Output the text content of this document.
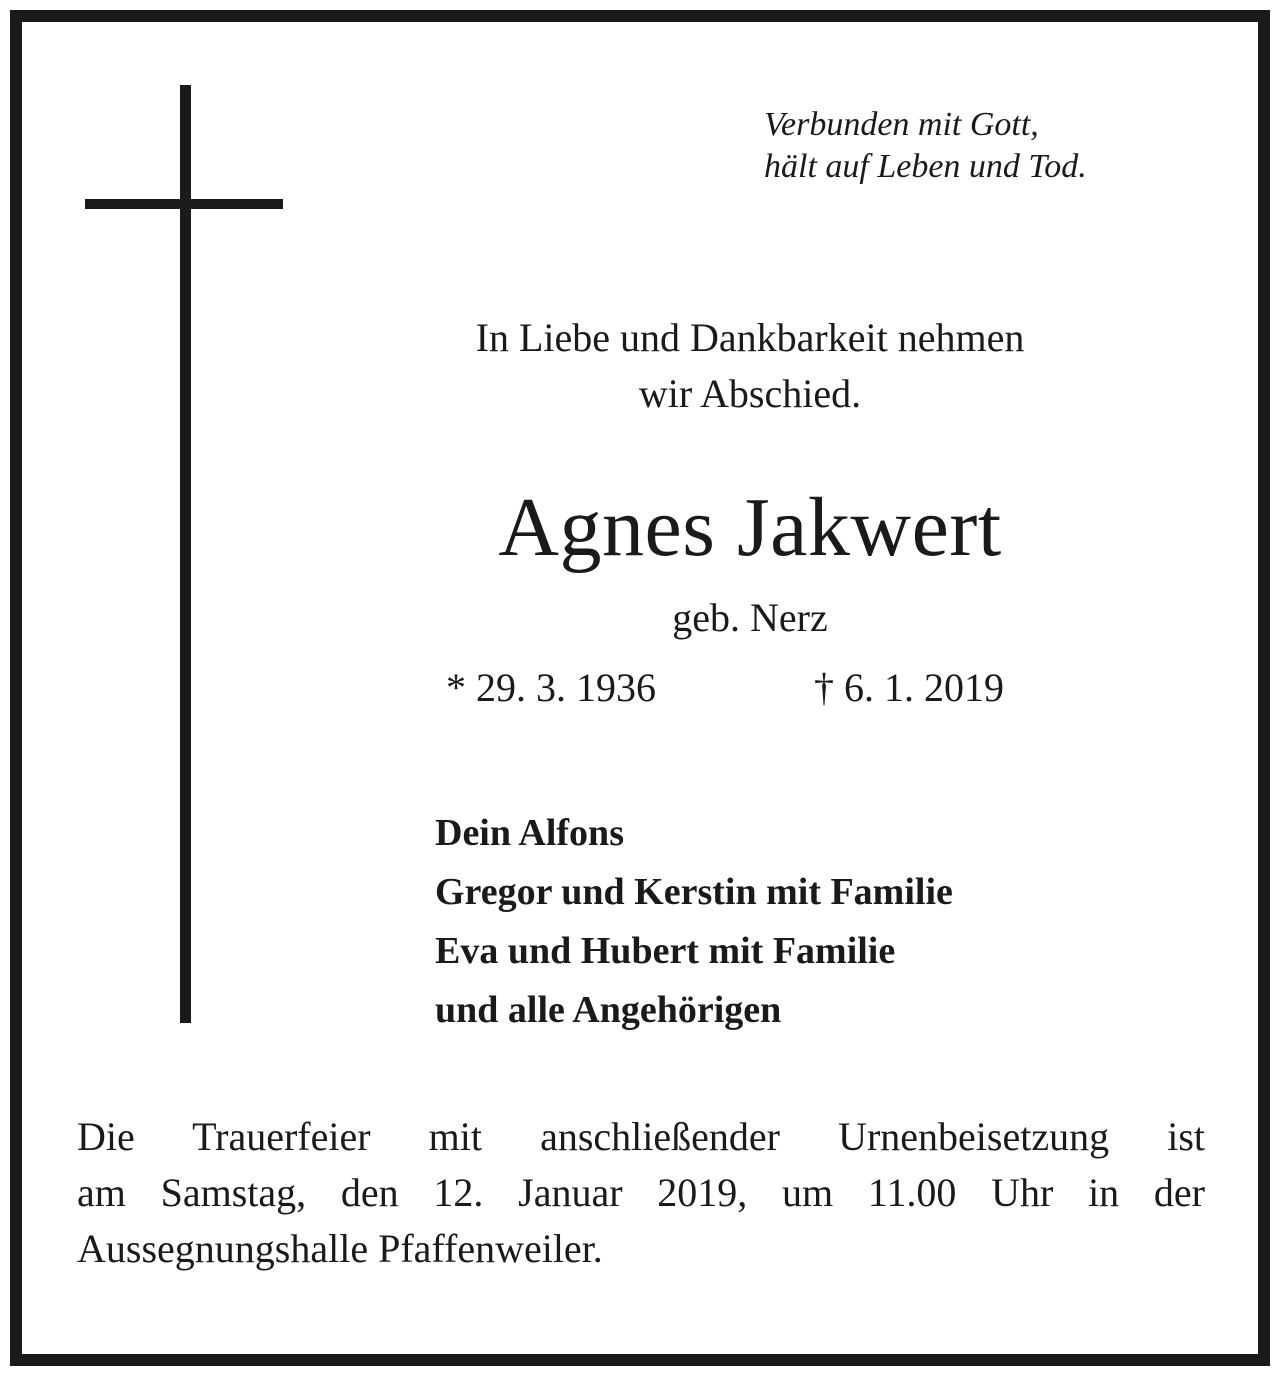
Verbunden mit Gott,
hält auf Leben und Tod.
In Liebe und Dankbarkeit nehmen
wir Abschied.
Agnes Jakwert
geb. Nerz
* 29. 3. 1936	† 6. 1. 2019
Dein Alfons
Gregor und Kerstin mit Familie
Eva und Hubert mit Familie
und alle Angehörigen
Die Trauerfeier mit anschließender Urnenbeisetzung ist
am Samstag, den 12. Januar 2019, um 11.00 Uhr in der
Aussegnungshalle Pfaffenweiler.
